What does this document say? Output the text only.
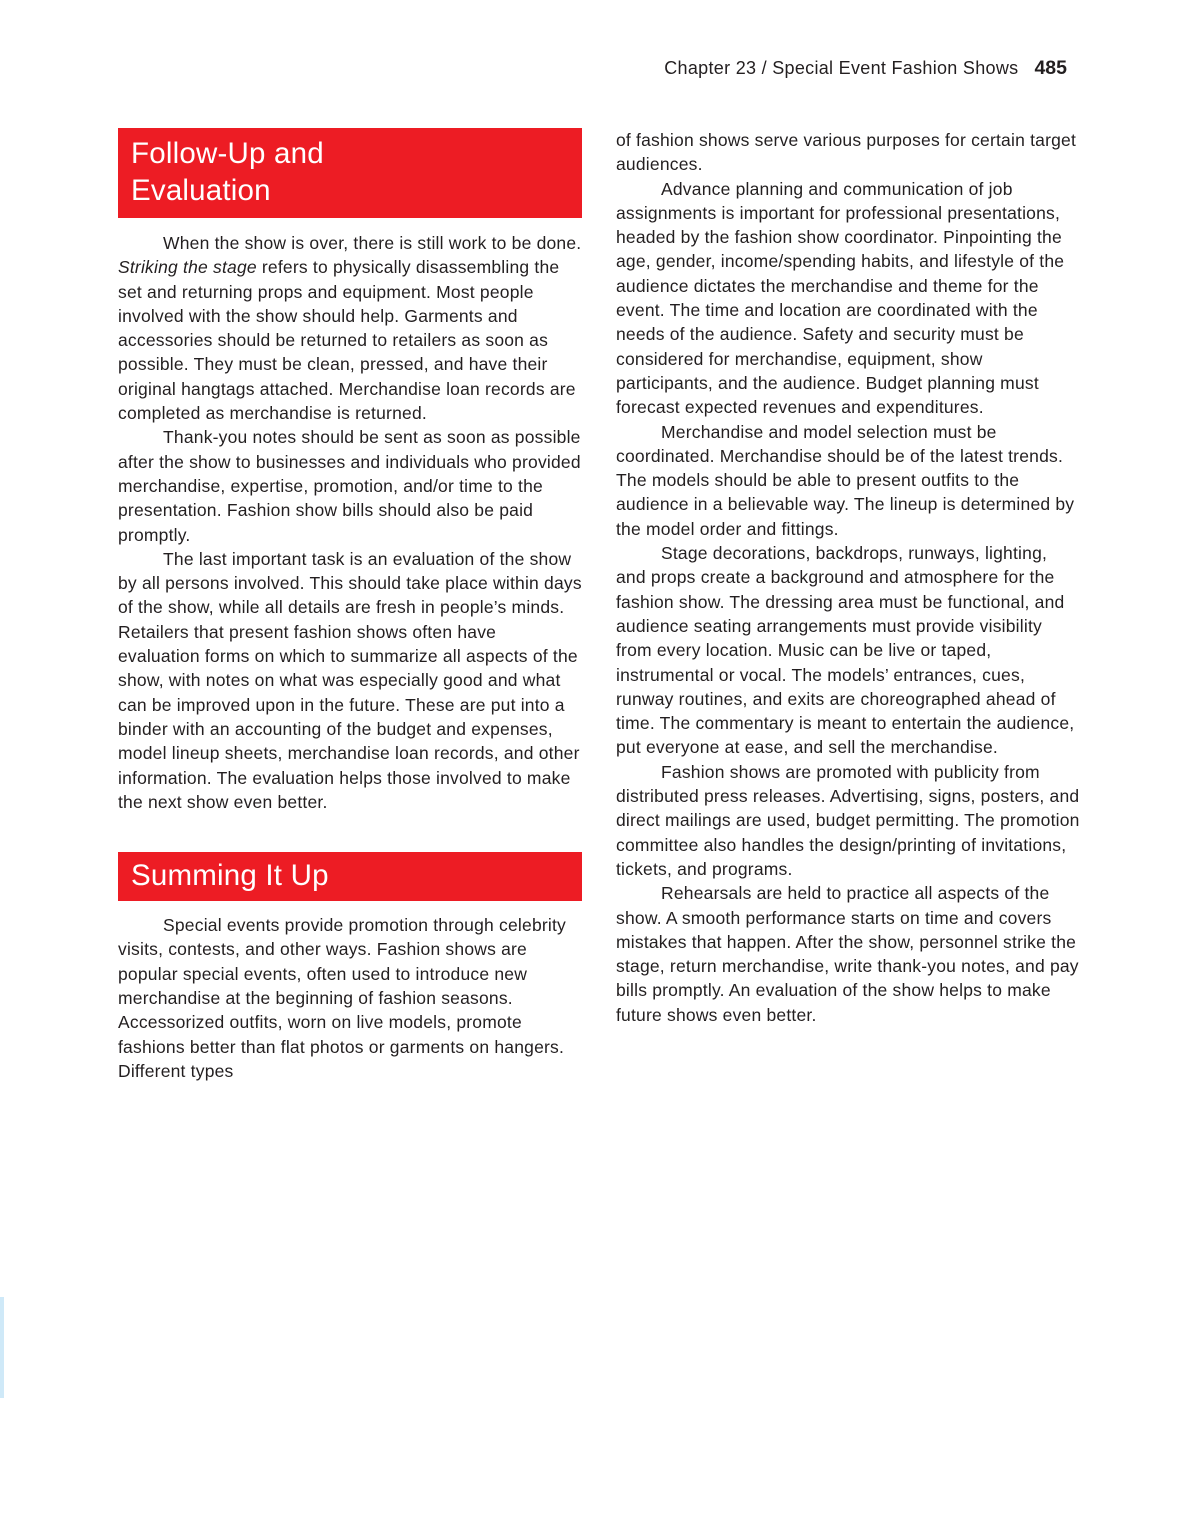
Chapter 23 / Special Event Fashion Shows 485
Follow-Up and Evaluation

When the show is over, there is still work to be done. Striking the stage refers to physically disassembling the set and returning props and equipment. Most people involved with the show should help. Garments and accessories should be returned to retailers as soon as possible. They must be clean, pressed, and have their original hangtags attached. Merchandise loan records are completed as merchandise is returned.

Thank-you notes should be sent as soon as possible after the show to businesses and individuals who provided merchandise, expertise, promotion, and/or time to the presentation. Fashion show bills should also be paid promptly.

The last important task is an evaluation of the show by all persons involved. This should take place within days of the show, while all details are fresh in people’s minds. Retailers that present fashion shows often have evaluation forms on which to summarize all aspects of the show, with notes on what was especially good and what can be improved upon in the future. These are put into a binder with an accounting of the budget and expenses, model lineup sheets, merchandise loan records, and other information. The evaluation helps those involved to make the next show even better.

Summing It Up

Special events provide promotion through celebrity visits, contests, and other ways. Fashion shows are popular special events, often used to introduce new merchandise at the beginning of fashion seasons. Accessorized outfits, worn on live models, promote fashions better than flat photos or garments on hangers. Different types

of fashion shows serve various purposes for certain target audiences.

Advance planning and communication of job assignments is important for professional presentations, headed by the fashion show coordinator. Pinpointing the age, gender, income/spending habits, and lifestyle of the audience dictates the merchandise and theme for the event. The time and location are coordinated with the needs of the audience. Safety and security must be considered for merchandise, equipment, show participants, and the audience. Budget planning must forecast expected revenues and expenditures.

Merchandise and model selection must be coordinated. Merchandise should be of the latest trends. The models should be able to present outfits to the audience in a believable way. The lineup is determined by the model order and fittings.

Stage decorations, backdrops, runways, lighting, and props create a background and atmosphere for the fashion show. The dressing area must be functional, and audience seating arrangements must provide visibility from every location. Music can be live or taped, instrumental or vocal. The models’ entrances, cues, runway routines, and exits are choreographed ahead of time. The commentary is meant to entertain the audience, put everyone at ease, and sell the merchandise.

Fashion shows are promoted with publicity from distributed press releases. Advertising, signs, posters, and direct mailings are used, budget permitting. The promotion committee also handles the design/printing of invitations, tickets, and programs.

Rehearsals are held to practice all aspects of the show. A smooth performance starts on time and covers mistakes that happen. After the show, personnel strike the stage, return merchandise, write thank-you notes, and pay bills promptly. An evaluation of the show helps to make future shows even better.
